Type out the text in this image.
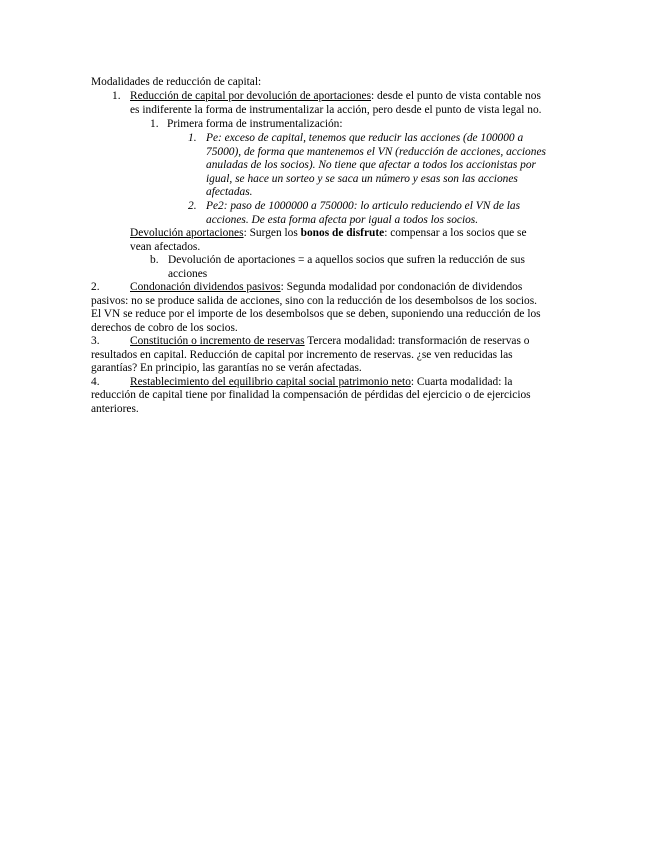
Modalidades de reducción de capital:
1. Reducción de capital por devolución de aportaciones: desde el punto de vista contable nos
es indiferente la forma de instrumentalizar la acción, pero desde el punto de vista legal no.
1. Primera forma de instrumentalización:
1. Pe: exceso de capital, tenemos que reducir las acciones (de 100000 a
75000), de forma que mantenemos el VN (reducción de acciones, acciones
anuladas de los socios). No tiene que afectar a todos los accionistas por
igual, se hace un sorteo y se saca un número y esas son las acciones
afectadas.
2. Pe2: paso de 1000000 a 750000: lo articulo reduciendo el VN de las
acciones. De esta forma afecta por igual a todos los socios.
Devolución aportaciones: Surgen los bonos de disfrute: compensar a los socios que se
vean afectados.
b. Devolución de aportaciones = a aquellos socios que sufren la reducción de sus
acciones
2.	Condonación dividendos pasivos: Segunda modalidad por condonación de dividendos
pasivos: no se produce salida de acciones, sino con la reducción de los desembolsos de los socios.
El VN se reduce por el importe de los desembolsos que se deben, suponiendo una reducción de los
derechos de cobro de los socios.
3.	Constitución o incremento de reservas Tercera modalidad: transformación de reservas o
resultados en capital. Reducción de capital por incremento de reservas. ¿se ven reducidas las
garantías? En principio, las garantías no se verán afectadas.
4.	Restablecimiento del equilibrio capital social patrimonio neto: Cuarta modalidad: la
reducción de capital tiene por finalidad la compensación de pérdidas del ejercicio o de ejercicios
anteriores.
